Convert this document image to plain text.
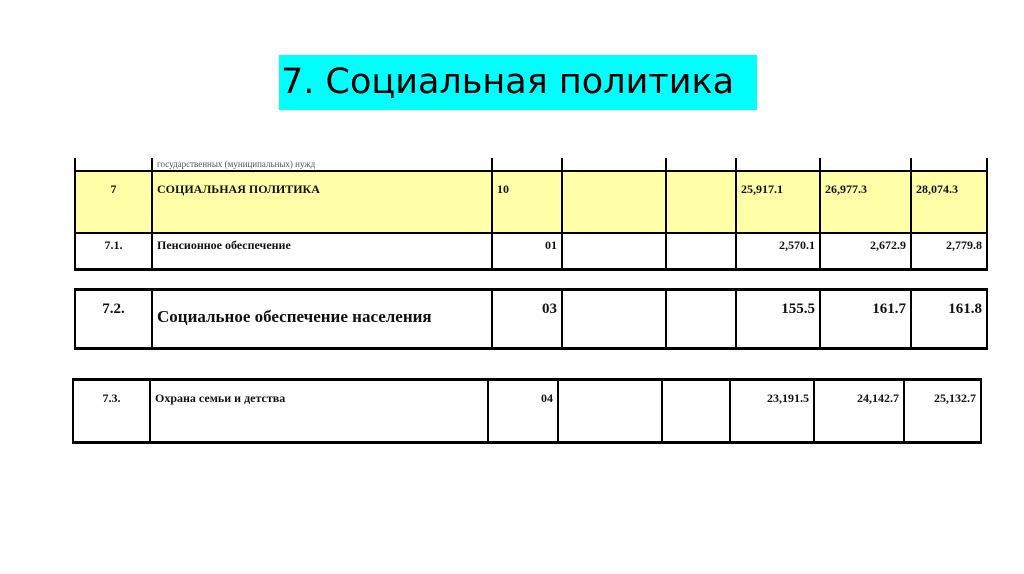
7. Социальная политика
	государственных (муниципальных) нужд						
7	СОЦИАЛЬНАЯ ПОЛИТИКА	10			25,917.1	26,977.3	28,074.3
7.1.	Пенсионное обеспечение	01			2,570.1	2,672.9	2,779.8
7.2.	Социальное обеспечение населения	03			155.5	161.7	161.8
7.3.	Охрана семьи и детства	04			23,191.5	24,142.7	25,132.7
